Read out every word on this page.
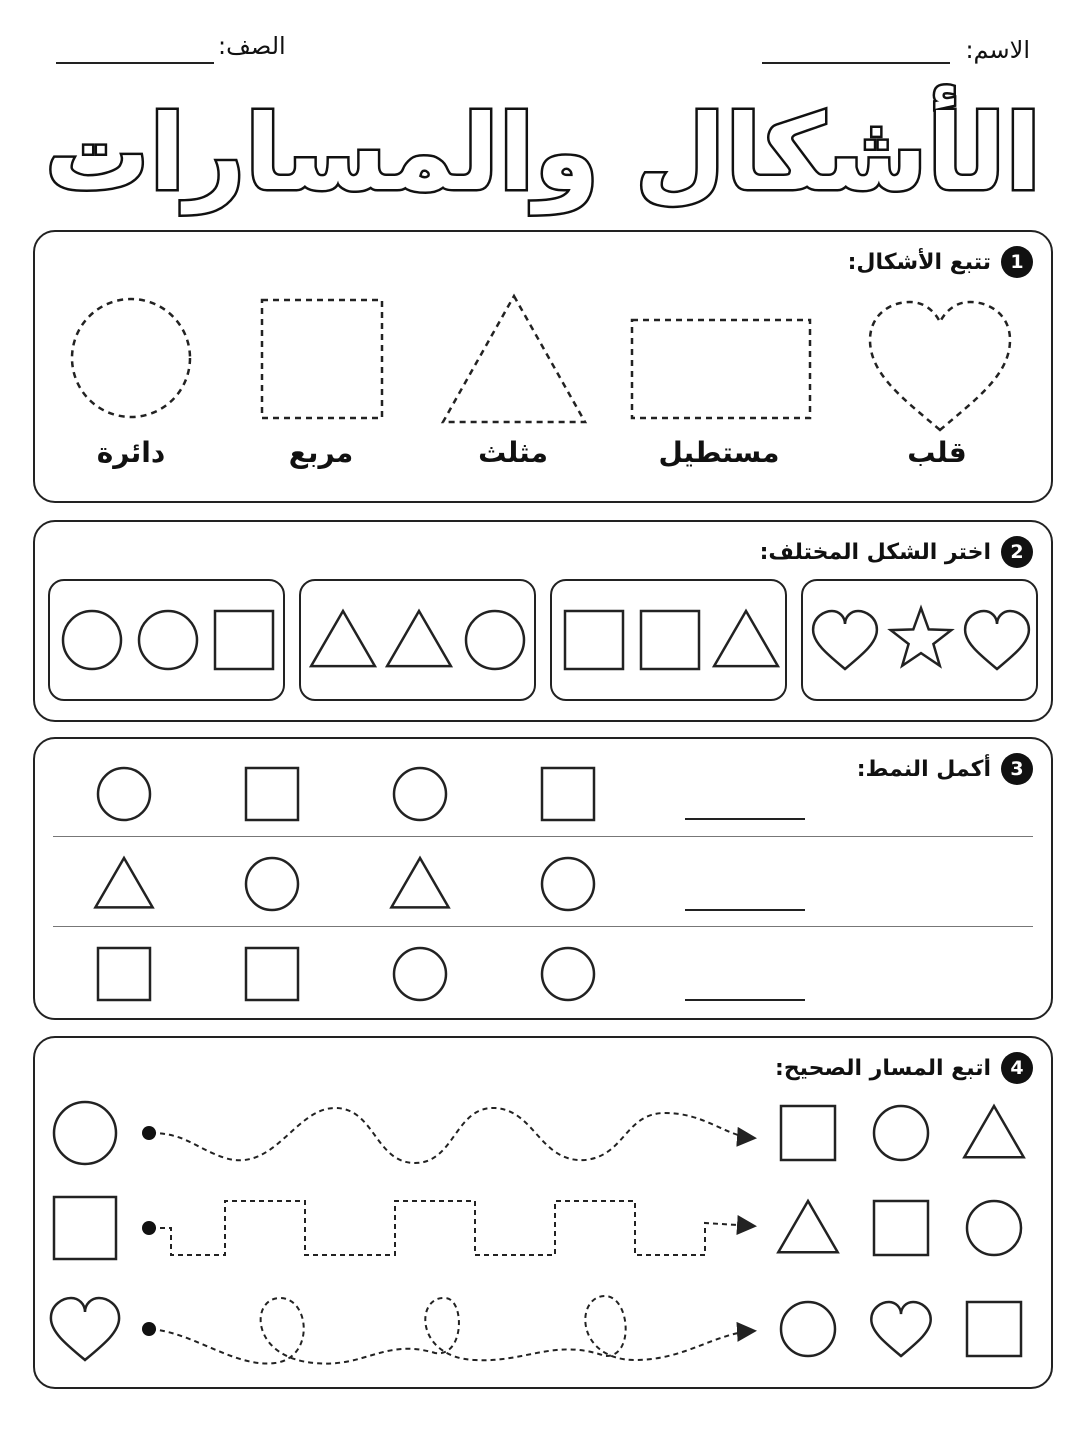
الاسم:
الصف:
الأشكال والمسارات
1
تتبع الأشكال:
قلب
مستطيل
مثلث
مربع
دائرة
2
اختر الشكل المختلف:
3
أكمل النمط:
4
اتبع المسار الصحيح:
